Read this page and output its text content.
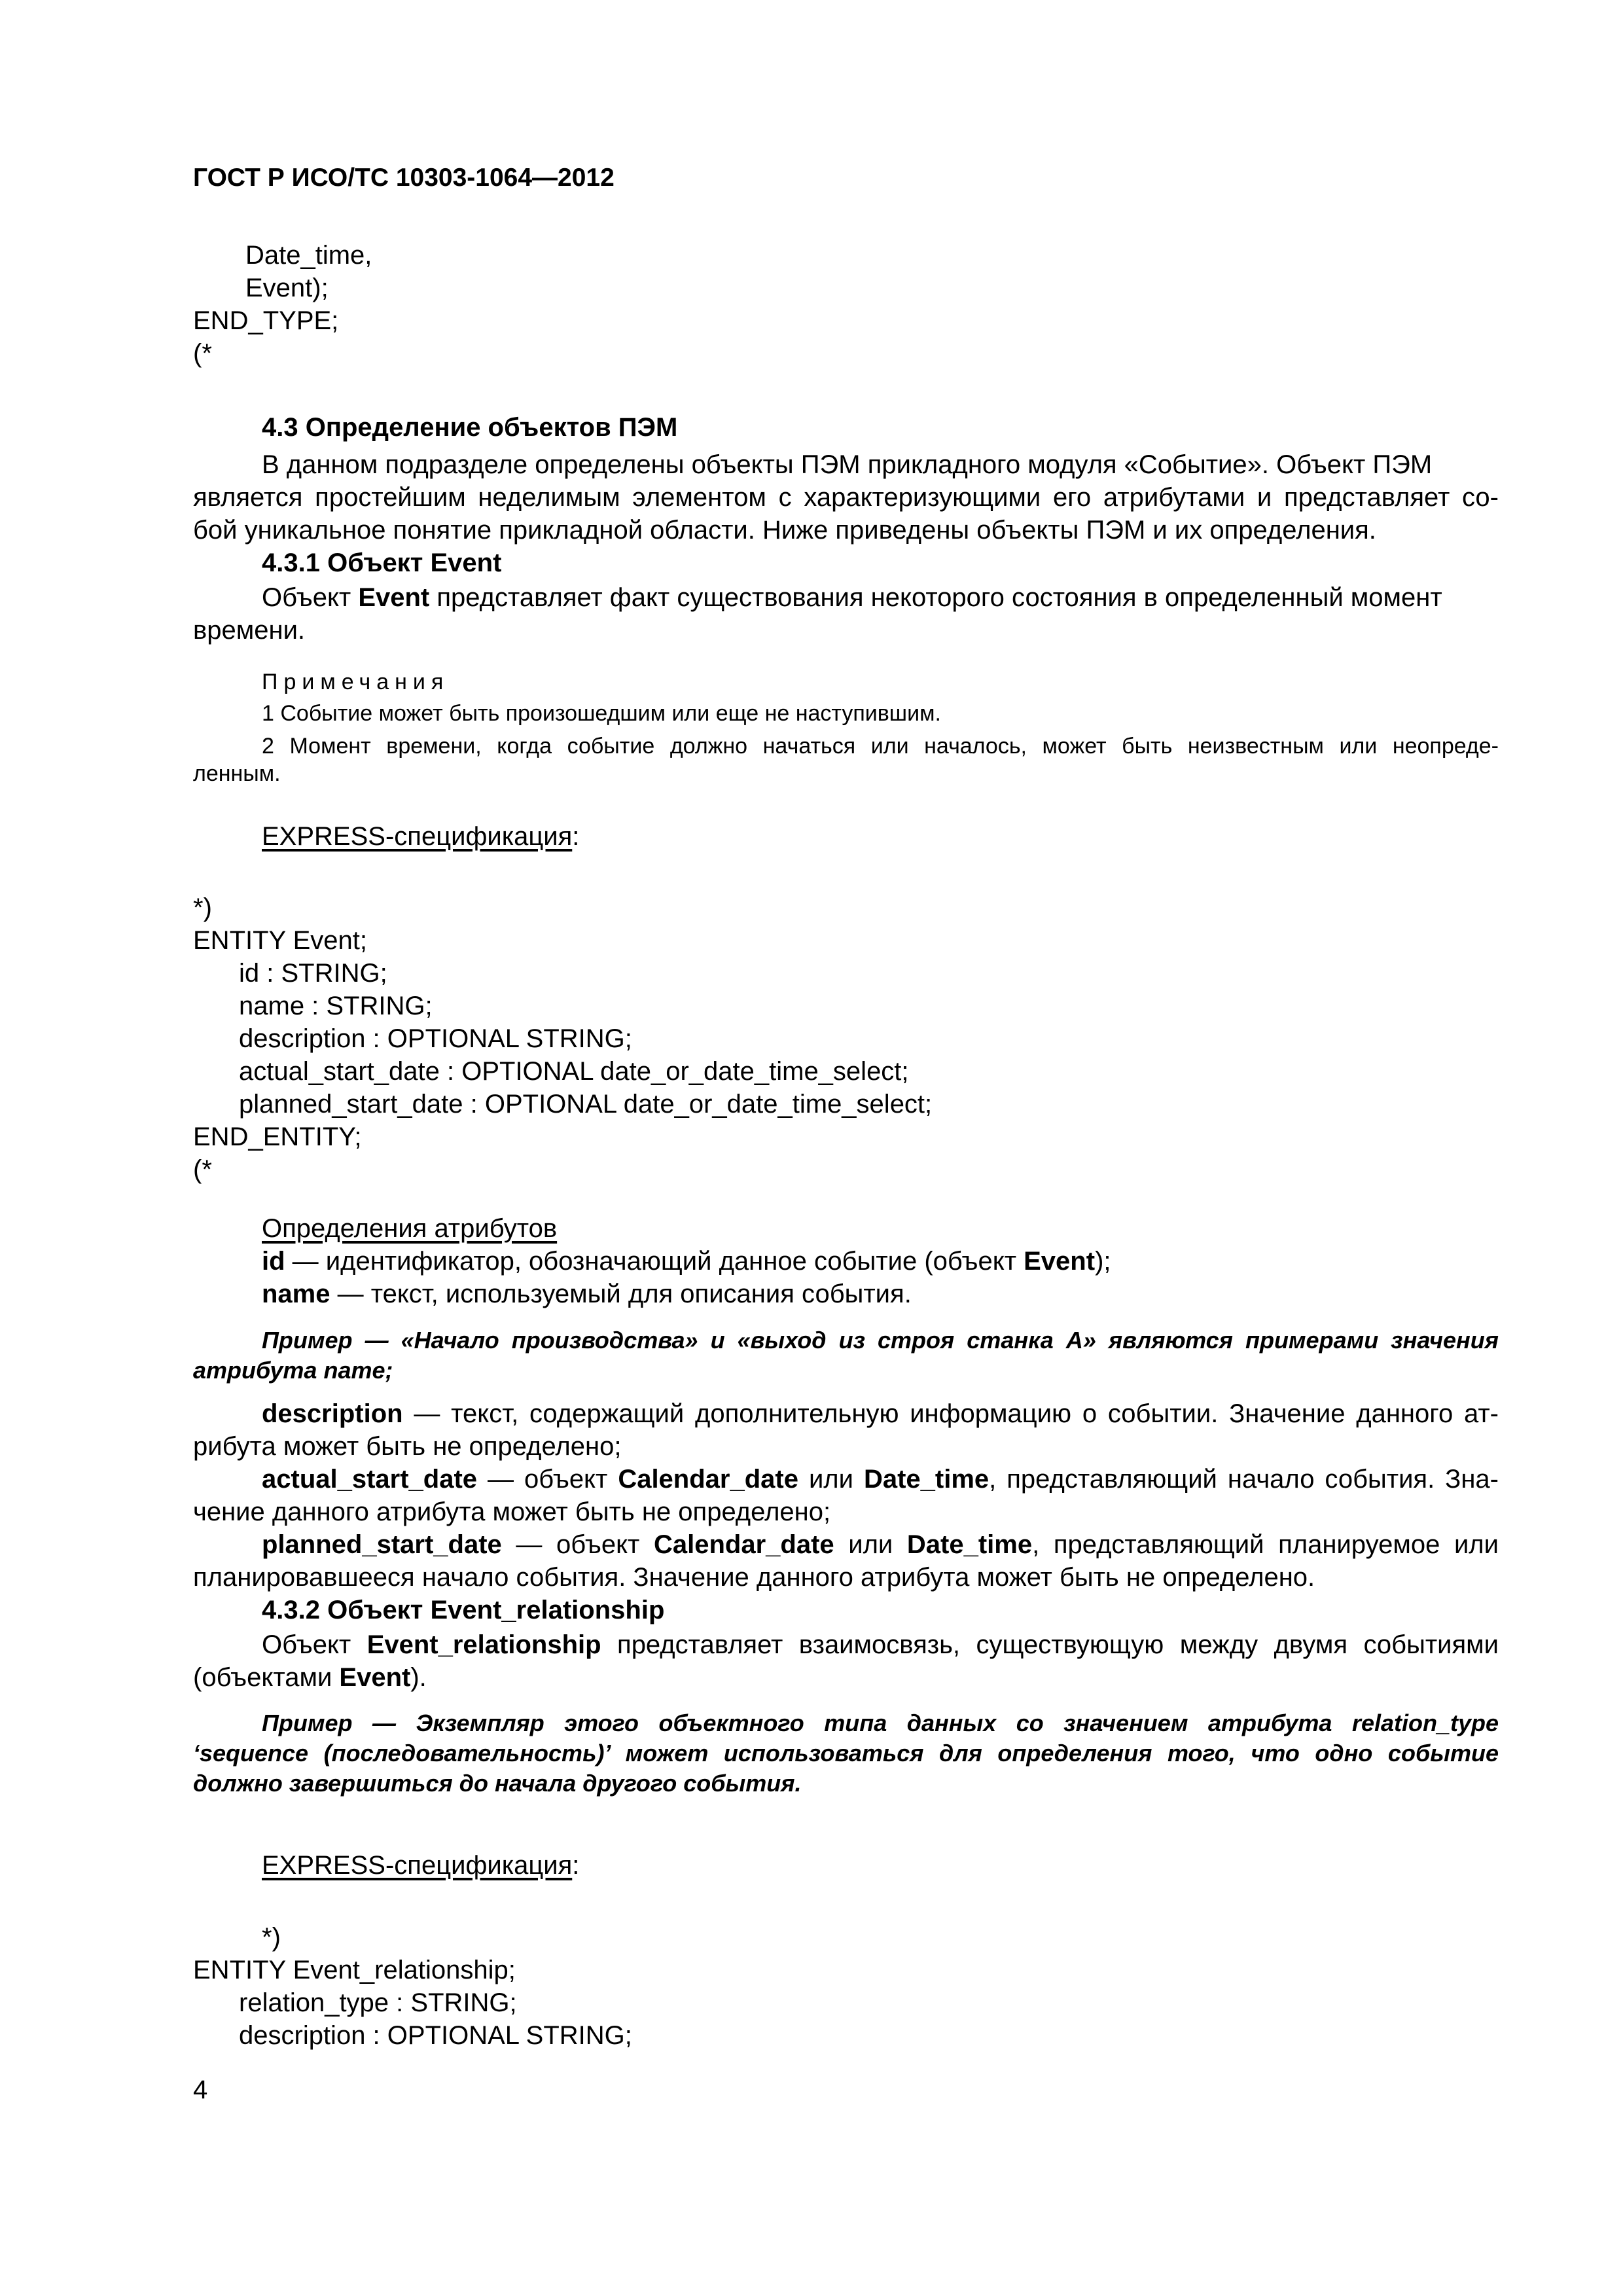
ГОСТ Р ИСО/ТС 10303-1064—2012
Date_time,
Event);
END_TYPE;
(*
4.3 Определение объектов ПЭМ
В данном подразделе определены объекты ПЭМ прикладного модуля «Событие». Объект ПЭМ
является простейшим неделимым элементом с характеризующими его атрибутами и представляет со-
бой уникальное понятие прикладной области. Ниже приведены объекты ПЭМ и их определения.
4.3.1 Объект Event
Объект Event представляет факт существования некоторого состояния в определенный момент
времени.
Примечания
1 Событие может быть произошедшим или еще не наступившим.
2 Момент времени, когда событие должно начаться или началось, может быть неизвестным или неопреде-
ленным.
EXPRESS-спецификация:
*)
ENTITY Event;
id : STRING;
name : STRING;
description : OPTIONAL STRING;
actual_start_date : OPTIONAL date_or_date_time_select;
planned_start_date : OPTIONAL date_or_date_time_select;
END_ENTITY;
(*
Определения атрибутов
id — идентификатор, обозначающий данное событие (объект Event);
name — текст, используемый для описания события.
Пример — «Начало производства» и «выход из строя станка А» являются примерами значения
атрибута name;
description — текст, содержащий дополнительную информацию о событии. Значение данного ат-
рибута может быть не определено;
actual_start_date — объект Calendar_date или Date_time, представляющий начало события. Зна-
чение данного атрибута может быть не определено;
planned_start_date — объект Calendar_date или Date_time, представляющий планируемое или
планировавшееся начало события. Значение данного атрибута может быть не определено.
4.3.2 Объект Event_relationship
Объект Event_relationship представляет взаимосвязь, существующую между двумя событиями
(объектами Event).
Пример — Экземпляр этого объектного типа данных со значением атрибута relation_type
‘sequence (последовательность)’ может использоваться для определения того, что одно событие
должно завершиться до начала другого события.
EXPRESS-спецификация:
*)
ENTITY Event_relationship;
relation_type : STRING;
description : OPTIONAL STRING;
4
